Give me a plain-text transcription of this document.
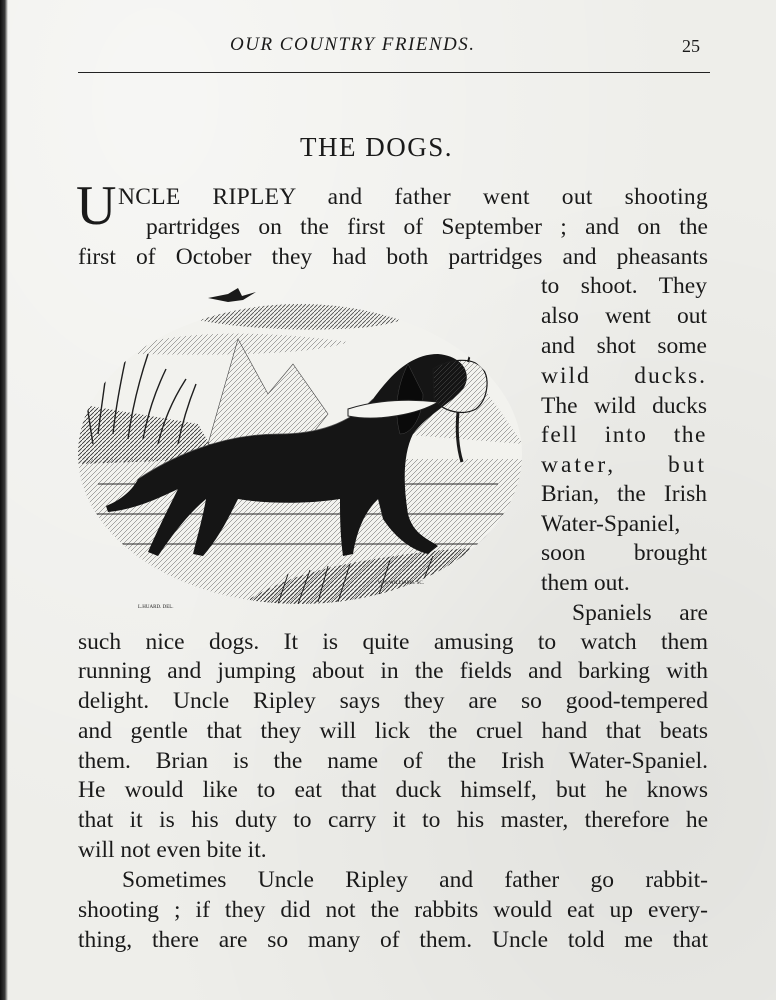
OUR COUNTRY FRIENDS.	25
THE DOGS.
U NCLE RIPLEY and father went out shooting
partridges on the first of September ; and on the
first of October they had both partridges and pheasants
to shoot. They
also went out
and shot some
wild ducks.
The wild ducks
fell into the
water, but
Brian, the Irish
Water-Spaniel,
soon brought
them out.
Spaniels are
such nice dogs. It is quite amusing to watch them
running and jumping about in the fields and barking with
delight. Uncle Ripley says they are so good-tempered
and gentle that they will lick the cruel hand that beats
them. Brian is the name of the Irish Water-Spaniel.
He would like to eat that duck himself, but he knows
that it is his duty to carry it to his master, therefore he
will not even bite it.
Sometimes Uncle Ripley and father go rabbit-
shooting ; if they did not the rabbits would eat up every-
thing, there are so many of them. Uncle told me that
L.HUARD. DEL.
W. J. WILLIAMS. SC.
